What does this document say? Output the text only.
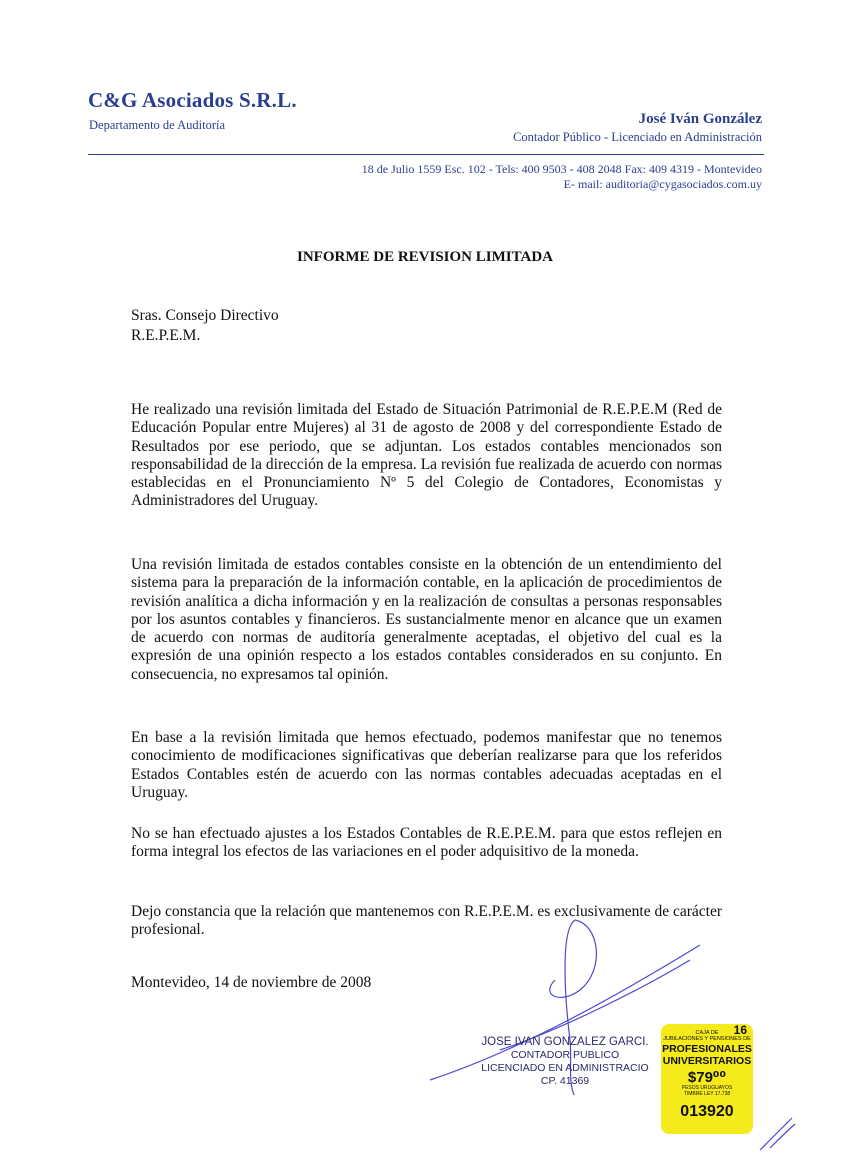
C&G Asociados S.R.L.
Departamento de Auditoría	José Iván González
Contador Público - Licenciado en Administración
18 de Julio 1559 Esc. 102 - Tels: 400 9503 - 408 2048 Fax: 409 4319 - Montevideo
E- mail: auditoria@cygasociados.com.uy
INFORME DE REVISION LIMITADA
Sras. Consejo Directivo
R.E.P.E.M.

He realizado una revisión limitada del Estado de Situación Patrimonial de R.E.P.E.M (Red de Educación Popular entre Mujeres) al 31 de agosto de 2008 y del correspondiente Estado de Resultados por ese periodo, que se adjuntan. Los estados contables mencionados son responsabilidad de la dirección de la empresa. La revisión fue realizada de acuerdo con normas establecidas en el Pronunciamiento Nº 5 del Colegio de Contadores, Economistas y Administradores del Uruguay.

Una revisión limitada de estados contables consiste en la obtención de un entendimiento del sistema para la preparación de la información contable, en la aplicación de procedimientos de revisión analítica a dicha información y en la realización de consultas a personas responsables por los asuntos contables y financieros. Es sustancialmente menor en alcance que un examen de acuerdo con normas de auditoría generalmente aceptadas, el objetivo del cual es la expresión de una opinión respecto a los estados contables considerados en su conjunto. En consecuencia, no expresamos tal opinión.

En base a la revisión limitada que hemos efectuado, podemos manifestar que no tenemos conocimiento de modificaciones significativas que deberían realizarse para que los referidos Estados Contables estén de acuerdo con las normas contables adecuadas aceptadas en el Uruguay.

No se han efectuado ajustes a los Estados Contables de R.E.P.E.M. para que estos reflejen en forma integral los efectos de las variaciones en el poder adquisitivo de la moneda.

Dejo constancia que la relación que mantenemos con R.E.P.E.M. es exclusivamente de carácter profesional.

Montevideo, 14 de noviembre de 2008
JOSE IVAN GONZALEZ GARCI.
CONTADOR PUBLICO
LICENCIADO EN ADMINISTRACIO
CP. 41369
CAJA DE 16
JUBILACIONES Y PENSIONES DE
PROFESIONALES
UNIVERSITARIOS
$79⁰⁰
PESOS URUGUAYOS
TIMBRE LEY 17.738
013920
